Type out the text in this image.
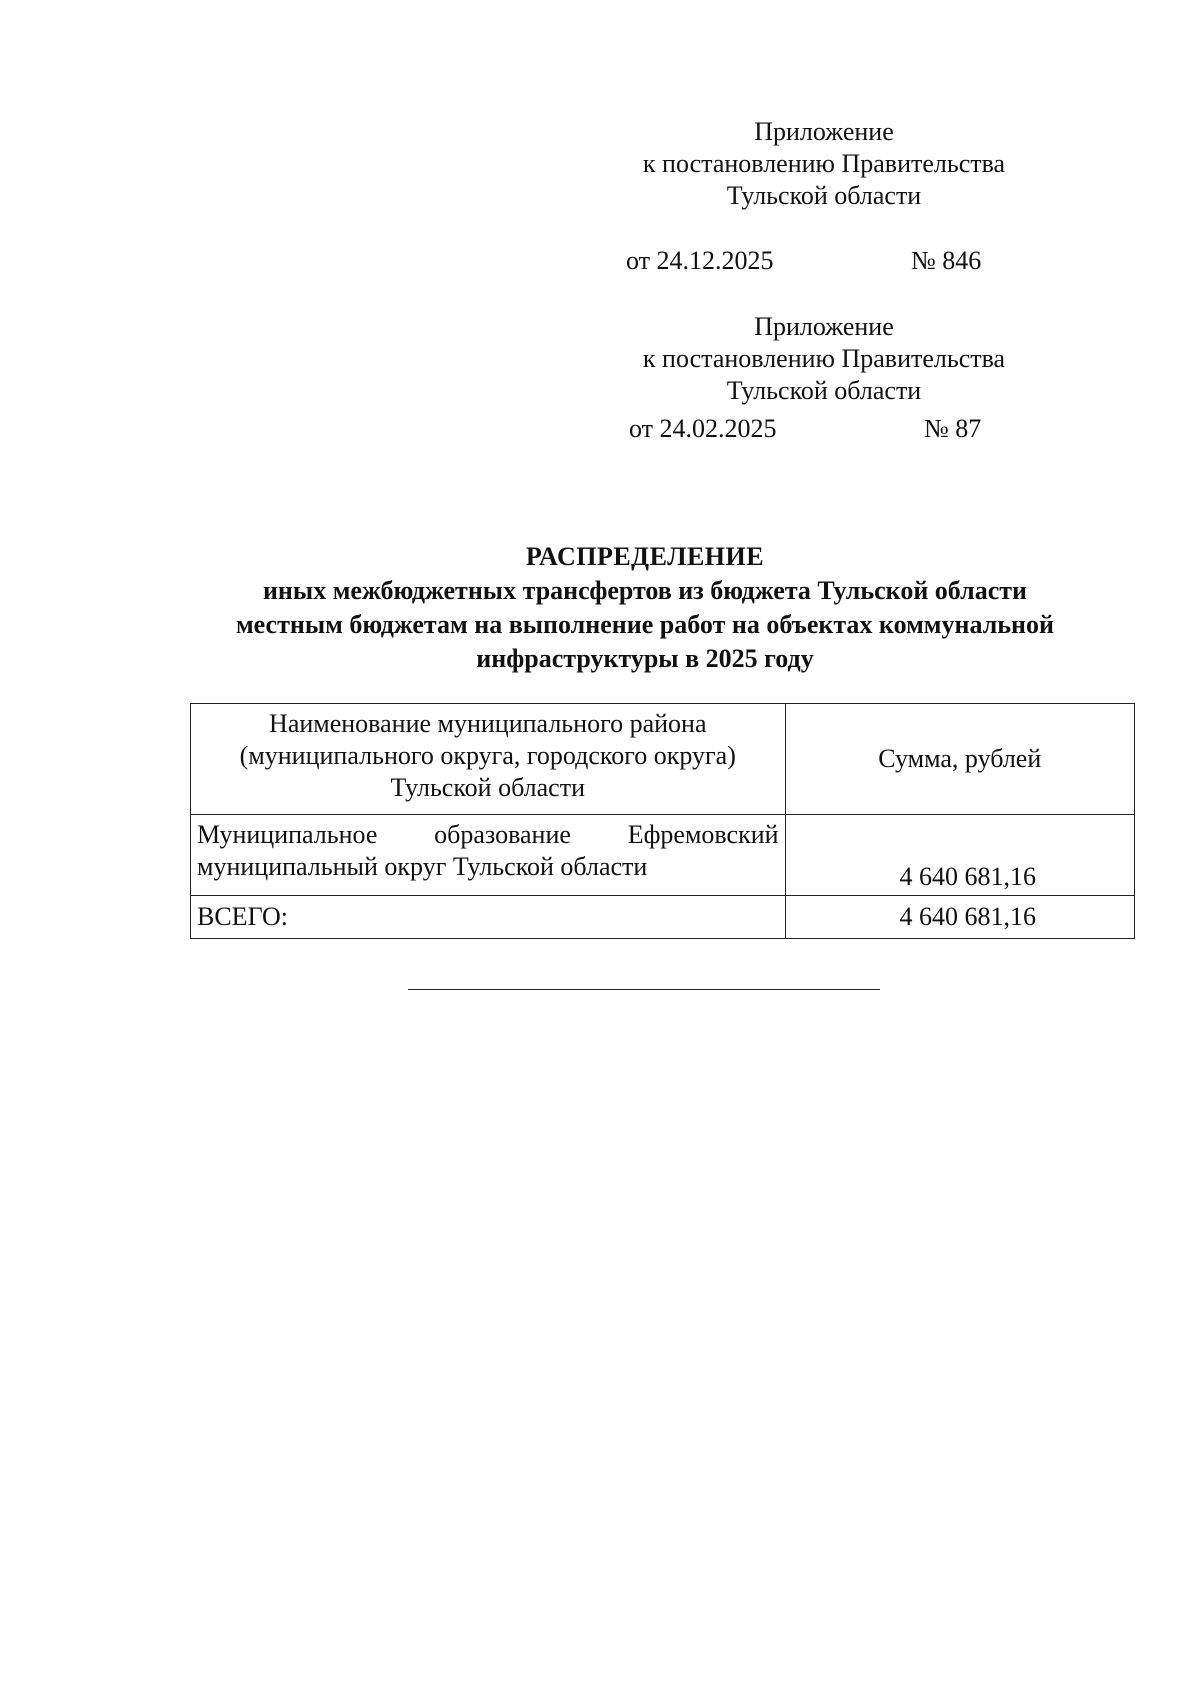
Приложение
к постановлению Правительства
Тульской области
от 24.12.2025	№ 846
Приложение
к постановлению Правительства
Тульской области
от 24.02.2025	№ 87
РАСПРЕДЕЛЕНИЕ
иных межбюджетных трансфертов из бюджета Тульской области
местным бюджетам на выполнение работ на объектах коммунальной
инфраструктуры в 2025 году
Наименование муниципального района
(муниципального округа, городского округа)
Тульской области	Сумма, рублей
Муниципальное образование Ефремовский муниципальный округ Тульской области	4 640 681,16
ВСЕГО:	4 640 681,16
